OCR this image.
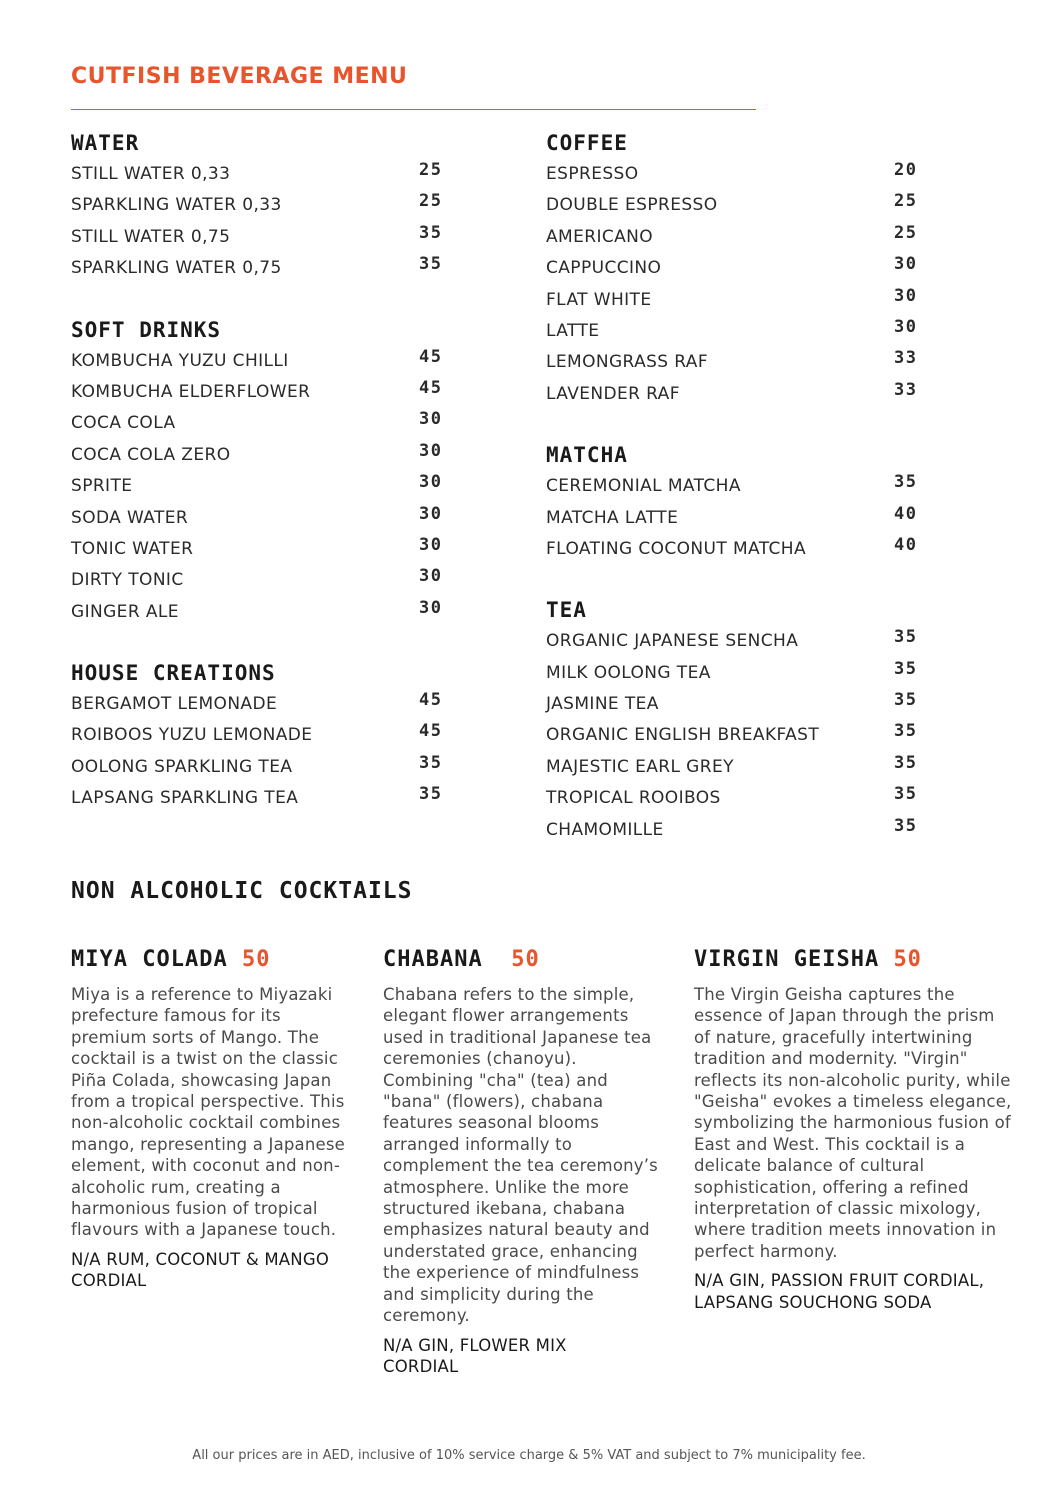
CUTFISH BEVERAGE MENU
WATER
STILL WATER 0,33	25
SPARKLING WATER 0,33	25
STILL WATER 0,75	35
SPARKLING WATER 0,75	35
SOFT DRINKS
KOMBUCHA YUZU CHILLI	45
KOMBUCHA ELDERFLOWER	45
COCA COLA	30
COCA COLA ZERO	30
SPRITE	30
SODA WATER	30
TONIC WATER	30
DIRTY TONIC	30
GINGER ALE	30
HOUSE CREATIONS
BERGAMOT LEMONADE	45
ROIBOOS YUZU LEMONADE	45
OOLONG SPARKLING TEA	35
LAPSANG SPARKLING TEA	35
COFFEE
ESPRESSO	20
DOUBLE ESPRESSO	25
AMERICANO	25
CAPPUCCINO	30
FLAT WHITE	30
LATTE	30
LEMONGRASS RAF	33
LAVENDER RAF	33
MATCHA
CEREMONIAL MATCHA	35
MATCHA LATTE	40
FLOATING COCONUT MATCHA	40
TEA
ORGANIC JAPANESE SENCHA	35
MILK OOLONG TEA	35
JASMINE TEA	35
ORGANIC ENGLISH BREAKFAST	35
MAJESTIC EARL GREY	35
TROPICAL ROOIBOS	35
CHAMOMILLE	35
NON ALCOHOLIC COCKTAILS
MIYA COLADA 50
Miya is a reference to Miyazaki prefecture famous for its premium sorts of Mango. The cocktail is a twist on the classic Piña Colada, showcasing Japan from a tropical perspective. This non-alcoholic cocktail combines mango, representing a Japanese element, with coconut and non-alcoholic rum, creating a harmonious fusion of tropical flavours with a Japanese touch.
N/A RUM, COCONUT & MANGO CORDIAL
CHABANA 50
Chabana refers to the simple, elegant flower arrangements used in traditional Japanese tea ceremonies (chanoyu). Combining "cha" (tea) and "bana" (flowers), chabana features seasonal blooms arranged informally to complement the tea ceremony’s atmosphere. Unlike the more structured ikebana, chabana emphasizes natural beauty and understated grace, enhancing the experience of mindfulness and simplicity during the ceremony.
N/A GIN, FLOWER MIX CORDIAL
VIRGIN GEISHA 50
The Virgin Geisha captures the essence of Japan through the prism of nature, gracefully intertwining tradition and modernity. "Virgin" reflects its non-alcoholic purity, while "Geisha" evokes a timeless elegance, symbolizing the harmonious fusion of East and West. This cocktail is a delicate balance of cultural sophistication, offering a refined interpretation of classic mixology, where tradition meets innovation in perfect harmony.
N/A GIN, PASSION FRUIT CORDIAL, LAPSANG SOUCHONG SODA
All our prices are in AED, inclusive of 10% service charge & 5% VAT and subject to 7% municipality fee.
